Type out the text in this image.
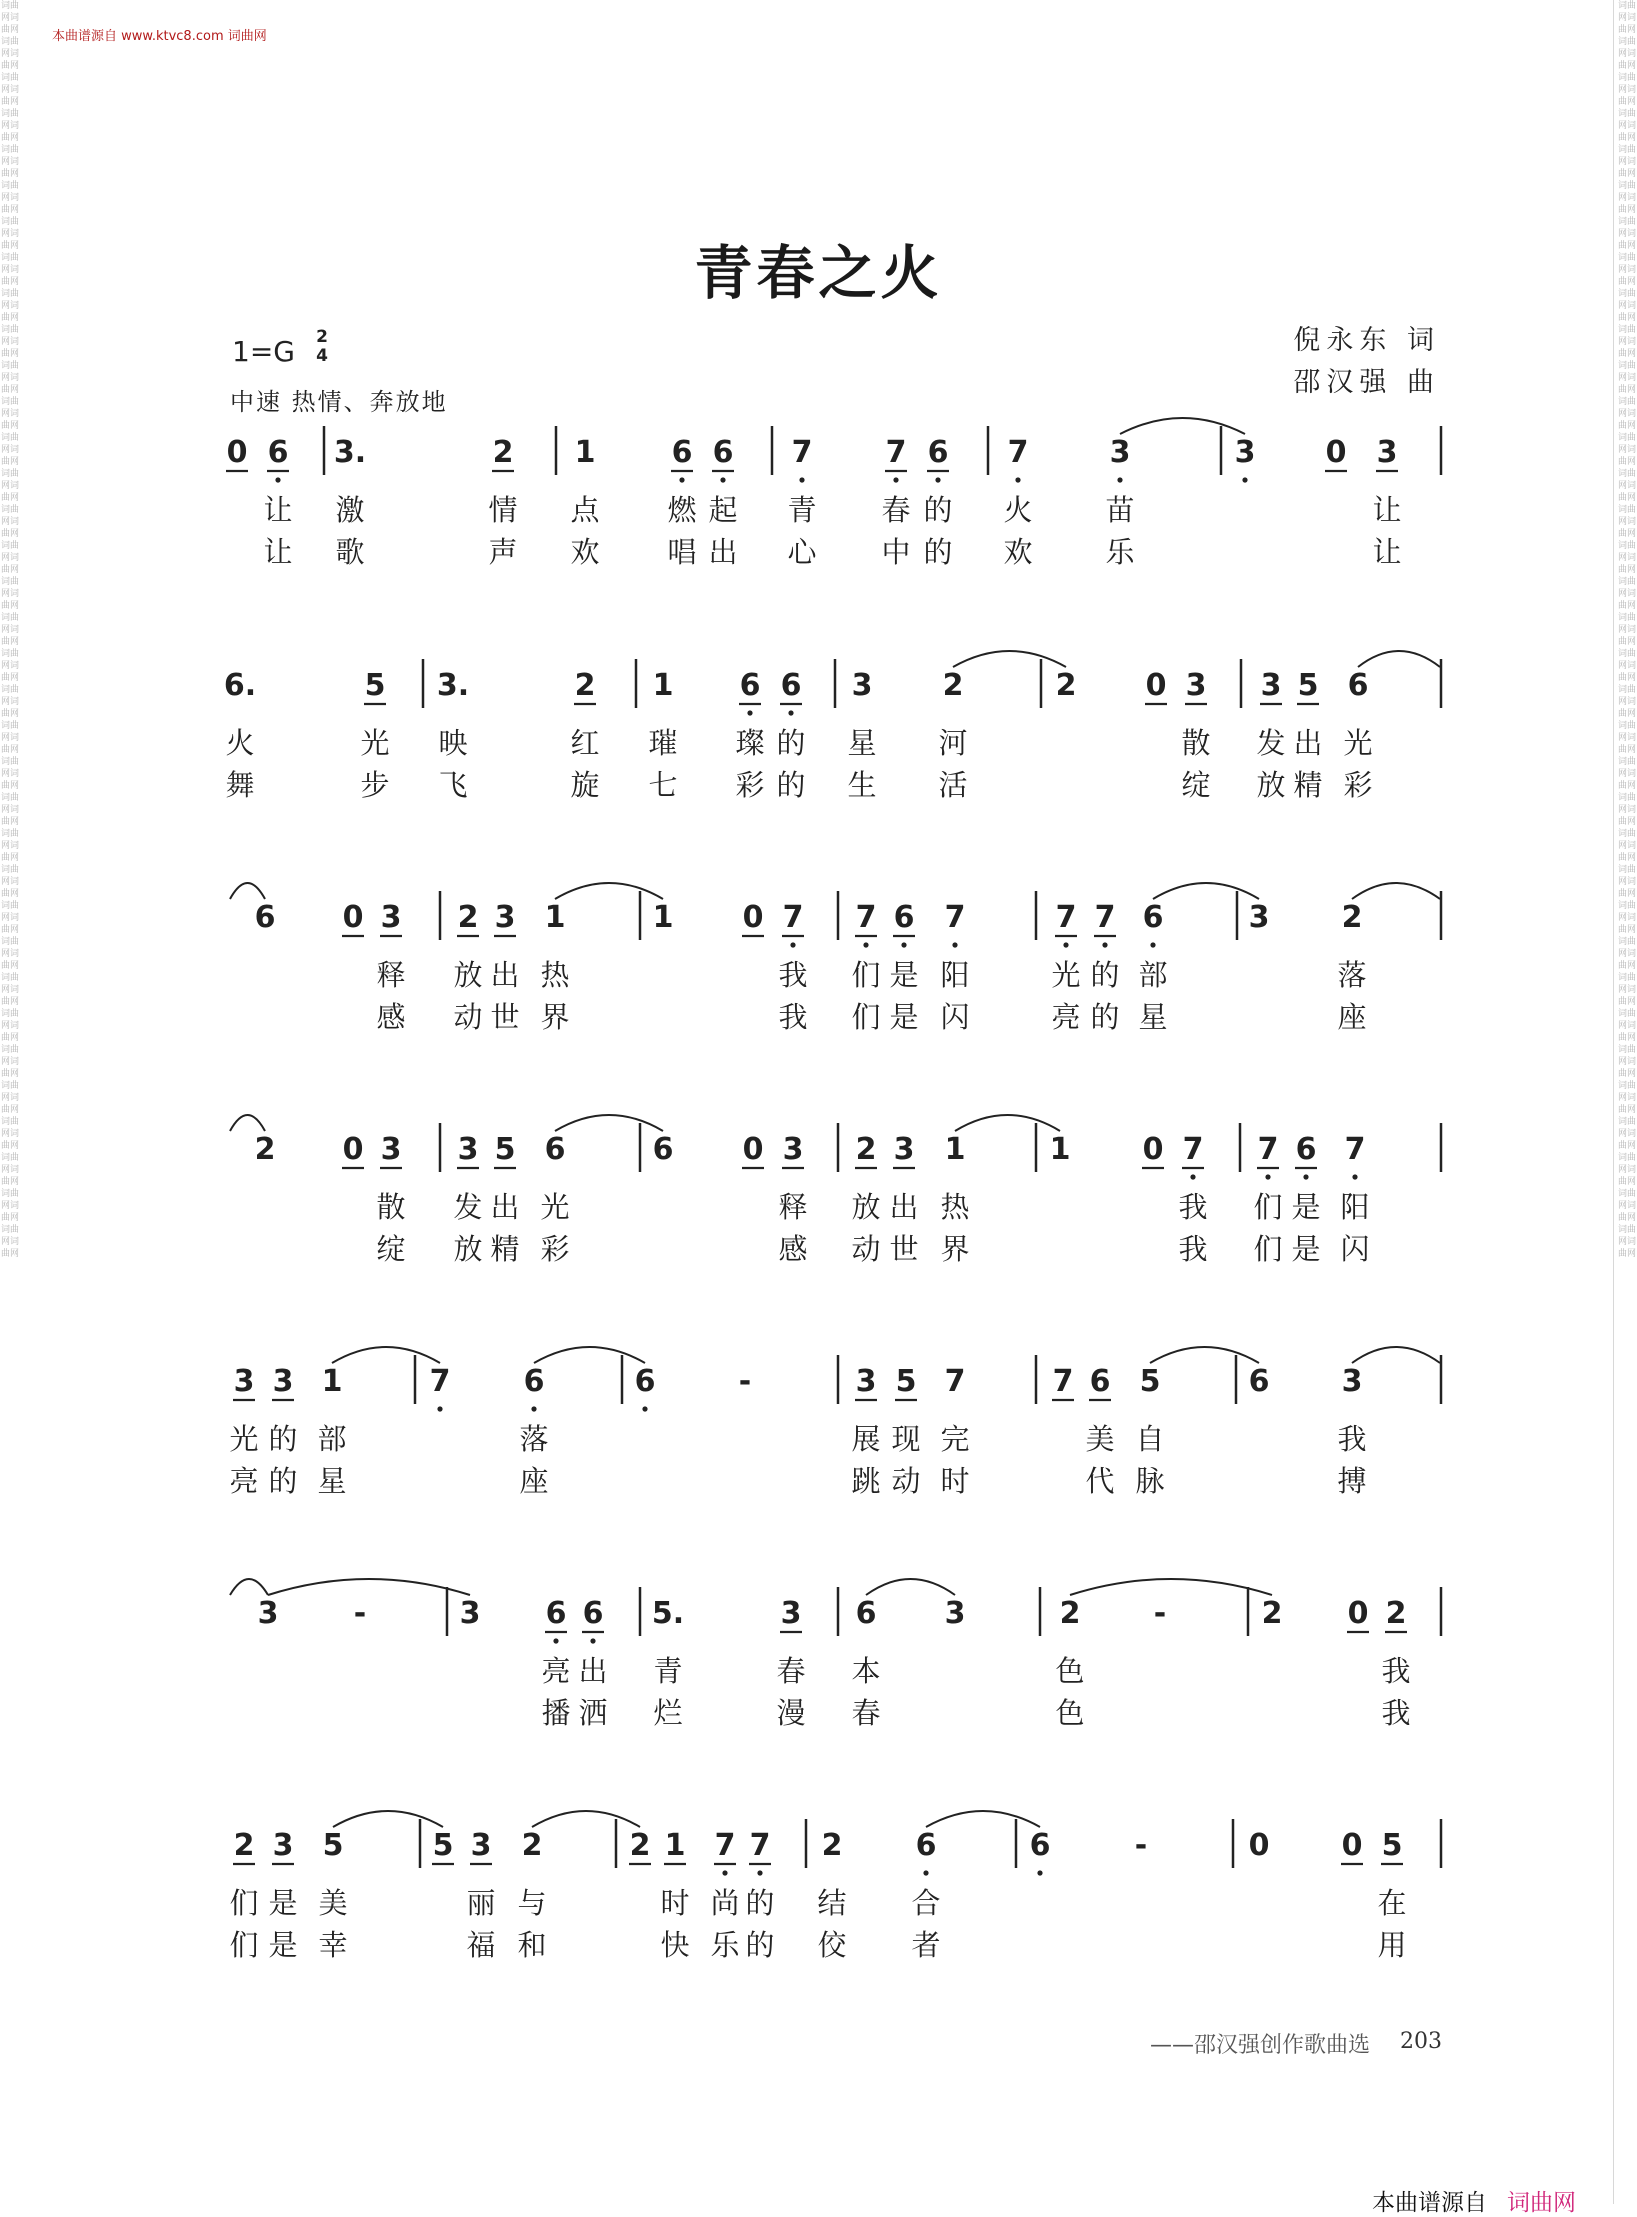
词曲网词曲网词曲网词曲网词曲网词曲网词曲网词曲网词曲网词曲网词曲网词曲网词曲网词曲网词曲网词曲网词曲网词曲网词曲网词曲网词曲网词曲网词曲网词曲网词曲网词曲网词曲网词曲网词曲网词曲网词曲网词曲网词曲网词曲网词曲网词曲网词曲网词曲网词曲网词曲网词曲网词曲网词曲网词曲网词曲网词曲网词曲网词曲网词曲网词曲网词曲网词曲网词曲网词曲网词曲网词曲网词曲网词曲网词曲网词曲网词曲网词曲网词曲网词曲网词曲网词曲网词曲网词曲网词曲网词曲网
词曲网词曲网词曲网词曲网词曲网词曲网词曲网词曲网词曲网词曲网词曲网词曲网词曲网词曲网词曲网词曲网词曲网词曲网词曲网词曲网词曲网词曲网词曲网词曲网词曲网词曲网词曲网词曲网词曲网词曲网词曲网词曲网词曲网词曲网词曲网词曲网词曲网词曲网词曲网词曲网词曲网词曲网词曲网词曲网词曲网词曲网词曲网词曲网词曲网词曲网词曲网词曲网词曲网词曲网词曲网词曲网词曲网词曲网词曲网词曲网词曲网词曲网词曲网词曲网词曲网词曲网词曲网词曲网词曲网词曲网
本曲谱源自 www.ktvc8.com 词曲网
青春之火
1=G 2
4
中速 热情、奔放地
倪永东 词
邵汉强 曲
0 6 3.	2 1	6 6 7 7 6 7	3	3 0 3
让 激	情 点 燃 起 青 春 的 火	苗	让
让 歌	声 欢 唱 出 心 中 的 欢	乐	让
6.	5 3.	2 1 6 6 3 2	2 0 3 3 5 6
火	光 映	红 璀 璨 的 星 河	散 发 出 光
舞	步 飞	旋 七 彩 的 生 活	绽 放 精 彩
6 0 3 2 3 1	1 0 7 7 6 7	7 7 6	3 2
释 放 出 热	我 们 是 阳	光 的 部	落
感 动 世 界	我 们 是 闪	亮 的 星	座
2 0 3 3 5 6	6 0 3 2 3 1	1 0 7 7 6 7
散 发 出 光	释 放 出 热	我 们 是 阳
绽 放 精 彩	感 动 世 界	我 们 是 闪
3 3 1	7 6	6	-	3 5 7	7 6 5	6 3
光 的 部	落	展 现 完	美 自	我
亮 的 星	座	跳 动 时	代 脉	搏
3	-	3 6 6 5.	3 6 3	2 -	2 0 2
亮 出 青	春 本	色	我
播 洒 烂	漫 春	色	我
2 3 5	5 3 2	2 1 7 7 2 6	6	-	0 0 5
们 是 美	丽 与	时 尚 的 结 合	在
们 是 幸	福 和	快 乐 的 佼 者	用
——邵汉强创作歌曲选 203
本曲谱源自 词曲网
